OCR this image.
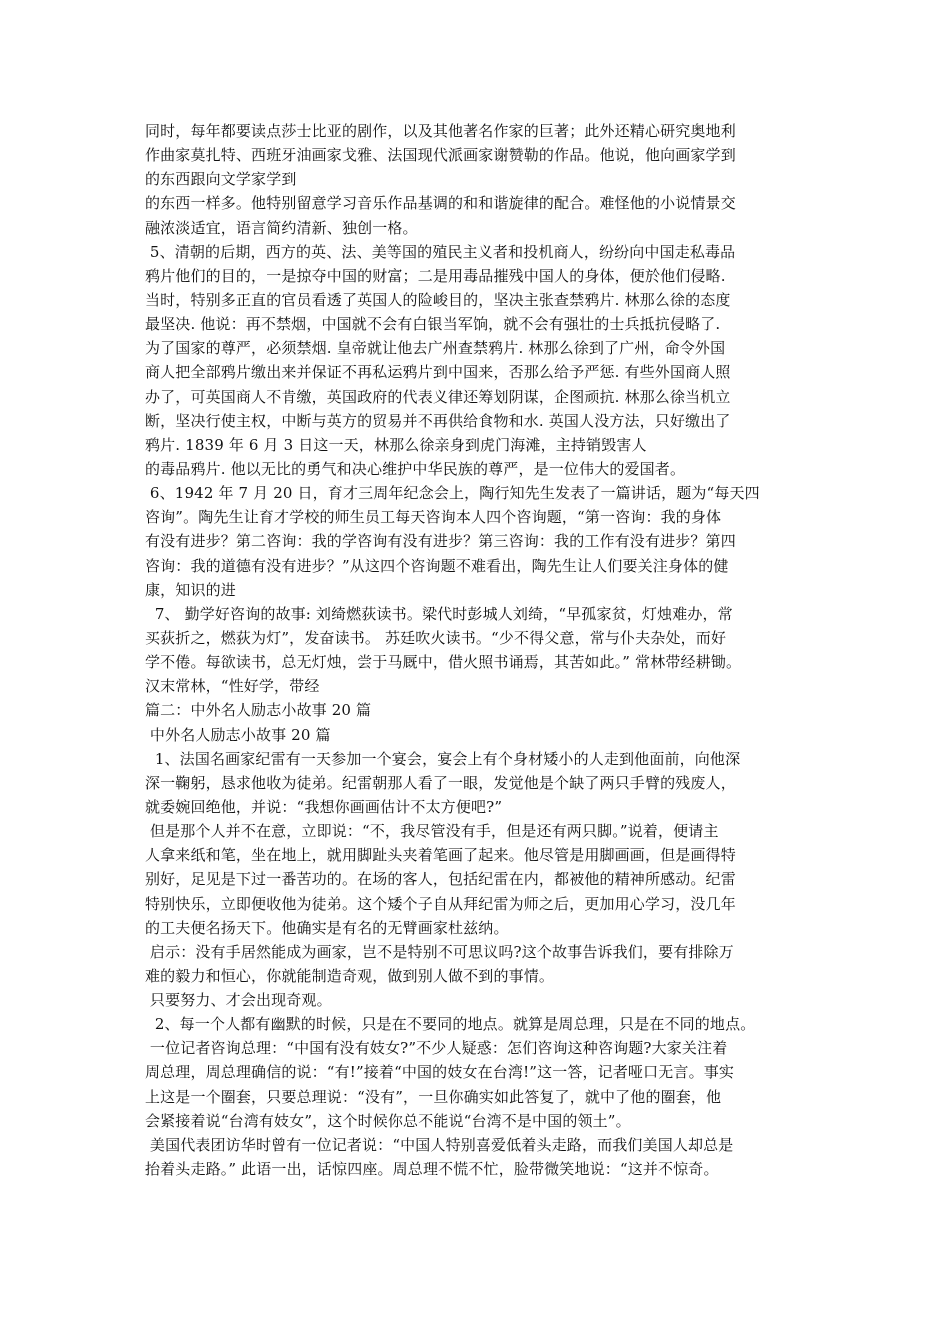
同时，每年都要读点莎士比亚的剧作，以及其他著名作家的巨著；此外还精心研究奥地利
作曲家莫扎特、西班牙油画家戈雅、法国现代派画家谢赞勒的作品。他说，他向画家学到
的东西跟向文学家学到
的东西一样多。他特别留意学习音乐作品基调的和和谐旋律的配合。难怪他的小说情景交
融浓淡适宜，语言简约清新、独创一格。
5、清朝的后期，西方的英、法、美等国的殖民主义者和投机商人，纷纷向中国走私毒品
鸦片他们的目的，一是掠夺中国的财富；二是用毒品摧残中国人的身体，便於他们侵略.
当时，特别多正直的官员看透了英国人的险峻目的，坚决主张查禁鸦片. 林那么徐的态度
最坚决. 他说：再不禁烟，中国就不会有白银当军饷，就不会有强壮的士兵抵抗侵略了.
为了国家的尊严，必须禁烟. 皇帝就让他去广州查禁鸦片. 林那么徐到了广州，命令外国
商人把全部鸦片缴出来并保证不再私运鸦片到中国来，否那么给予严惩. 有些外国商人照
办了，可英国商人不肯缴，英国政府的代表义律还筹划阴谋，企图顽抗. 林那么徐当机立
断，坚决行使主权，中断与英方的贸易并不再供给食物和水. 英国人没方法，只好缴出了
鸦片. 1839 年 6 月 3 日这一天，林那么徐亲身到虎门海滩，主持销毁害人
的毒品鸦片. 他以无比的勇气和决心维护中华民族的尊严，是一位伟大的爱国者。
6、1942 年 7 月 20 日，育才三周年纪念会上，陶行知先生发表了一篇讲话，题为“每天四
咨询”。陶先生让育才学校的师生员工每天咨询本人四个咨询题，“第一咨询：我的身体
有没有进步？第二咨询：我的学咨询有没有进步？第三咨询：我的工作有没有进步？第四
咨询：我的道德有没有进步？”从这四个咨询题不难看出，陶先生让人们要关注身体的健
康，知识的进
7、 勤学好咨询的故事: 刘绮燃荻读书。梁代时彭城人刘绮，“早孤家贫，灯烛难办，常
买荻折之，燃荻为灯”，发奋读书。 苏廷吹火读书。“少不得父意，常与仆夫杂处，而好
学不倦。每欲读书，总无灯烛，尝于马厩中，借火照书诵焉，其苦如此。” 常林带经耕锄。
汉末常林，“性好学，带经
篇二：中外名人励志小故事 20 篇
中外名人励志小故事 20 篇
1、法国名画家纪雷有一天参加一个宴会，宴会上有个身材矮小的人走到他面前，向他深
深一鞠躬，恳求他收为徒弟。纪雷朝那人看了一眼，发觉他是个缺了两只手臂的残废人，
就委婉回绝他，并说：“我想你画画估计不太方便吧?”
但是那个人并不在意，立即说：“不，我尽管没有手，但是还有两只脚。”说着，便请主
人拿来纸和笔，坐在地上，就用脚趾头夹着笔画了起来。他尽管是用脚画画，但是画得特
别好，足见是下过一番苦功的。在场的客人，包括纪雷在内，都被他的精神所感动。纪雷
特别快乐，立即便收他为徒弟。这个矮个子自从拜纪雷为师之后，更加用心学习，没几年
的工夫便名扬天下。他确实是有名的无臂画家杜兹纳。
启示：没有手居然能成为画家，岂不是特别不可思议吗?这个故事告诉我们，要有排除万
难的毅力和恒心，你就能制造奇观，做到别人做不到的事情。
只要努力、才会出现奇观。
2、每一个人都有幽默的时候，只是在不要同的地点。就算是周总理，只是在不同的地点。
一位记者咨询总理：“中国有没有妓女?”不少人疑惑：怎们咨询这种咨询题?大家关注着
周总理，周总理确信的说：“有!”接着“中国的妓女在台湾!”这一答，记者哑口无言。事实
上这是一个圈套，只要总理说：“没有”，一旦你确实如此答复了，就中了他的圈套，他
会紧接着说“台湾有妓女”，这个时候你总不能说“台湾不是中国的领土”。
美国代表团访华时曾有一位记者说：“中国人特别喜爱低着头走路，而我们美国人却总是
抬着头走路。” 此语一出，话惊四座。周总理不慌不忙，脸带微笑地说：“这并不惊奇。
